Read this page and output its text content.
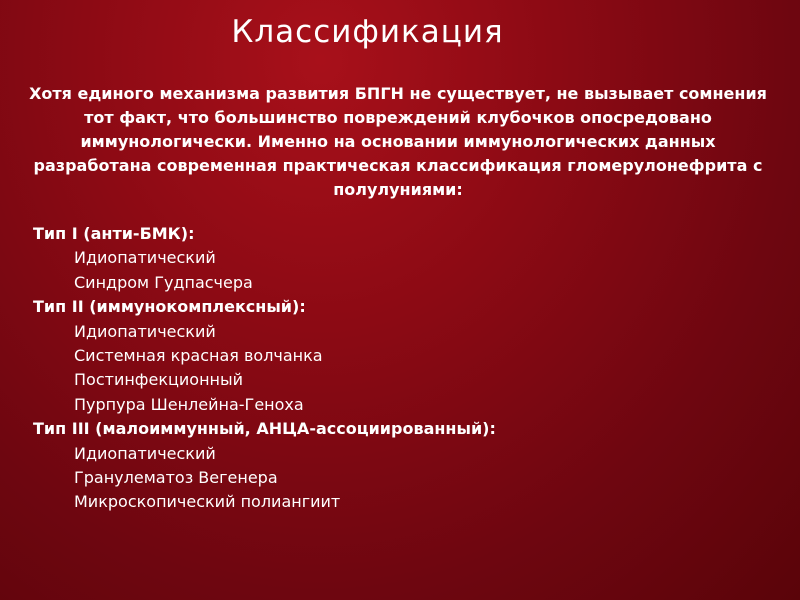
Классификация
Хотя единого механизма развития БПГН не существует, не вызывает сомнения тот факт, что большинство повреждений клубочков опосредовано иммунологически. Именно на основании иммунологических данных разработана современная практическая классификация гломерулонефрита с полулуниями:
Тип I (анти-БМК):
Идиопатический
Синдром Гудпасчера
Тип II (иммунокомплексный):
Идиопатический
Системная красная волчанка
Постинфекционный
Пурпура Шенлейна-Геноха
Тип III (малоиммунный, АНЦА-ассоциированный):
Идиопатический
Гранулематоз Вегенера
Микроскопический полиангиит
